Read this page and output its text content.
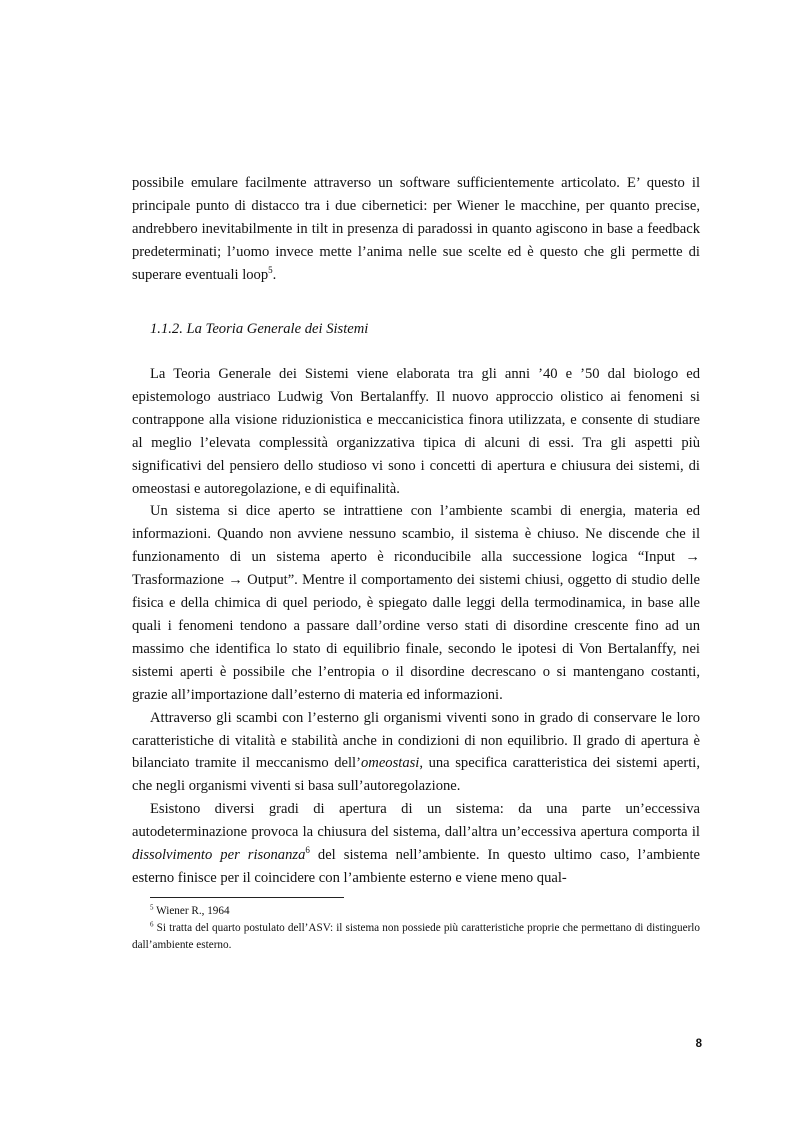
possibile emulare facilmente attraverso un software sufficientemente articolato. E’ questo il principale punto di distacco tra i due cibernetici: per Wiener le macchine, per quanto precise, andrebbero inevitabilmente in tilt in presenza di paradossi in quanto agiscono in base a feedback predeterminati; l’uomo invece mette l’anima nelle sue scelte ed è questo che gli permette di superare eventuali loop$^5$.

1.1.2. La Teoria Generale dei Sistemi

La Teoria Generale dei Sistemi viene elaborata tra gli anni ’40 e ’50 dal biologo ed epistemologo austriaco Ludwig Von Bertalanffy. Il nuovo approccio olistico ai fenomeni si contrappone alla visione riduzionistica e meccanicistica finora utilizzata, e consente di studiare al meglio l’elevata complessità organizzativa tipica di alcuni di essi. Tra gli aspetti più significativi del pensiero dello studioso vi sono i concetti di apertura e chiusura dei sistemi, di omeostasi e autoregolazione, e di equifinalità.

Un sistema si dice aperto se intrattiene con l’ambiente scambi di energia, materia ed informazioni. Quando non avviene nessuno scambio, il sistema è chiuso. Ne discende che il funzionamento di un sistema aperto è riconducibile alla successione logica “Input → Trasformazione → Output”. Mentre il comportamento dei sistemi chiusi, oggetto di studio delle fisica e della chimica di quel periodo, è spiegato dalle leggi della termodinamica, in base alle quali i fenomeni tendono a passare dall’ordine verso stati di disordine crescente fino ad un massimo che identifica lo stato di equilibrio finale, secondo le ipotesi di Von Bertalanffy, nei sistemi aperti è possibile che l’entropia o il disordine decrescano o si mantengano costanti, grazie all’importazione dall’esterno di materia ed informazioni.

Attraverso gli scambi con l’esterno gli organismi viventi sono in grado di conservare le loro caratteristiche di vitalità e stabilità anche in condizioni di non equilibrio. Il grado di apertura è bilanciato tramite il meccanismo dell’omeostasi, una specifica caratteristica dei sistemi aperti, che negli organismi viventi si basa sull’autoregolazione.

Esistono diversi gradi di apertura di un sistema: da una parte un’eccessiva autodeterminazione provoca la chiusura del sistema, dall’altra un’eccessiva apertura comporta il dissolvimento per risonanza$^6$ del sistema nell’ambiente. In questo ultimo caso, l’ambiente esterno finisce per il coincidere con l’ambiente esterno e viene meno qual-

$^5$ Wiener R., 1964

$^6$ Si tratta del quarto postulato dell’ASV: il sistema non possiede più caratteristiche proprie che permettano di distinguerlo dall’ambiente esterno.

8
